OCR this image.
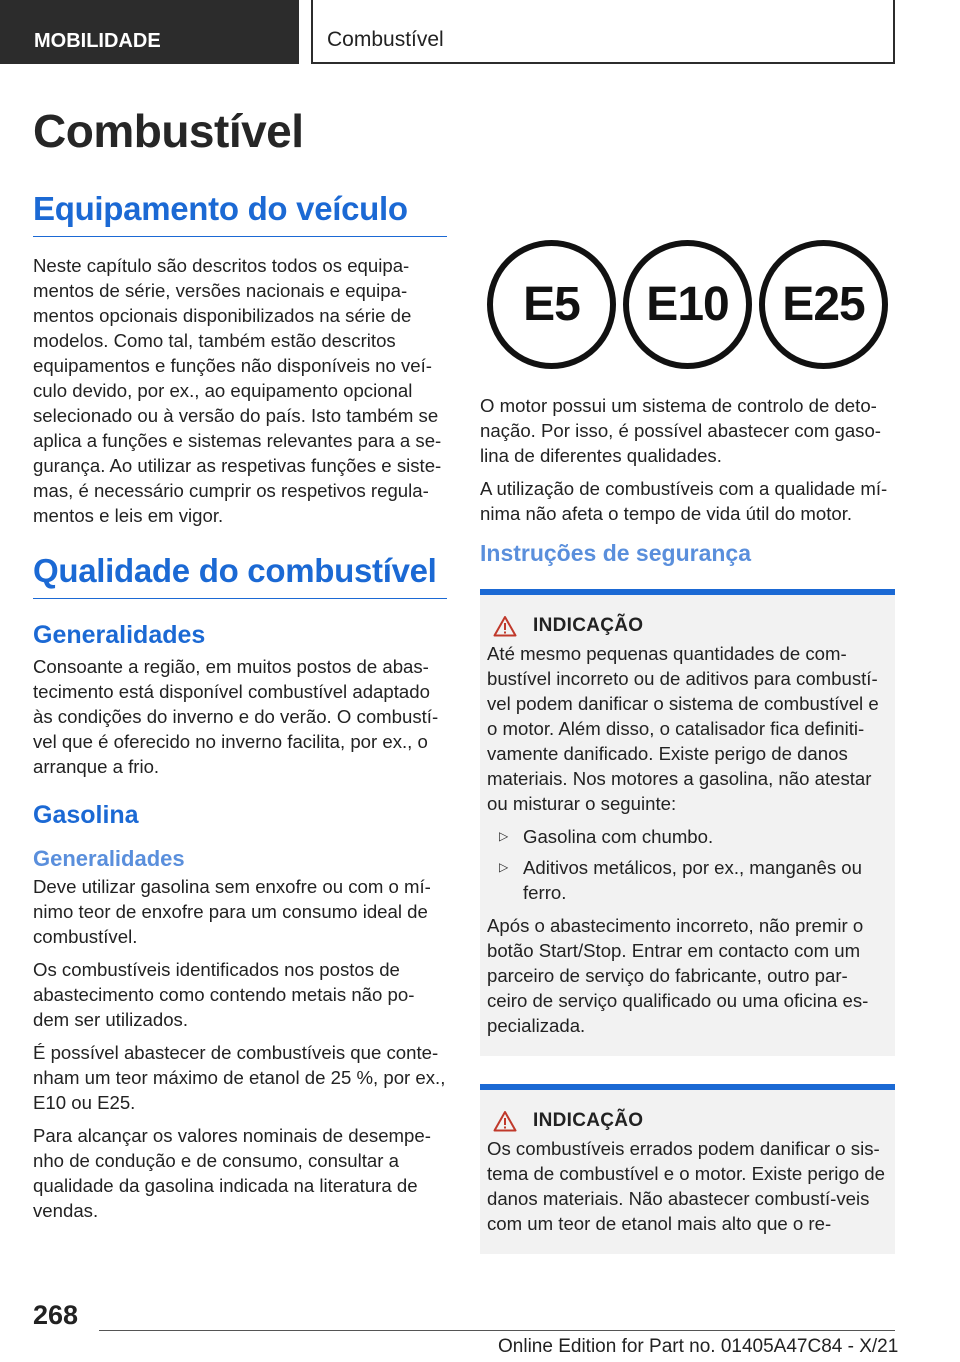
MOBILIDADE	Combustível
Combustível
Equipamento do veículo

Neste capítulo são descritos todos os equipa-mentos de série, versões nacionais e equipa-mentos opcionais disponibilizados na série de modelos. Como tal, também estão descritos equipamentos e funções não disponíveis no veí-culo devido, por ex., ao equipamento opcional selecionado ou à versão do país. Isto também se aplica a funções e sistemas relevantes para a se-gurança. Ao utilizar as respetivas funções e siste-mas, é necessário cumprir os respetivos regula-mentos e leis em vigor.

Qualidade do combustível
Generalidades

Consoante a região, em muitos postos de abas-tecimento está disponível combustível adaptado às condições do inverno e do verão. O combustí-vel que é oferecido no inverno facilita, por ex., o arranque a frio.

Gasolina
Generalidades

Deve utilizar gasolina sem enxofre ou com o mí-nimo teor de enxofre para um consumo ideal de combustível.

Os combustíveis identificados nos postos de abastecimento como contendo metais não po-dem ser utilizados.

É possível abastecer de combustíveis que conte-nham um teor máximo de etanol de 25 %, por ex., E10 ou E25.

Para alcançar os valores nominais de desempe-nho de condução e de consumo, consultar a qualidade da gasolina indicada na literatura de vendas.

E5	E10	E25

O motor possui um sistema de controlo de deto-nação. Por isso, é possível abastecer com gaso-lina de diferentes qualidades.

A utilização de combustíveis com a qualidade mí-nima não afeta o tempo de vida útil do motor.

Instruções de segurança
INDICAÇÃO

Até mesmo pequenas quantidades de com-bustível incorreto ou de aditivos para combustí-vel podem danificar o sistema de combustível e o motor. Além disso, o catalisador fica definiti-vamente danificado. Existe perigo de danos materiais. Nos motores a gasolina, não atestar ou misturar o seguinte:

▷ Gasolina com chumbo.
▷ Aditivos metálicos, por ex., manganês ou ferro.

Após o abastecimento incorreto, não premir o botão Start/Stop. Entrar em contacto com um parceiro de serviço do fabricante, outro par-ceiro de serviço qualificado ou uma oficina es-pecializada.

INDICAÇÃO

Os combustíveis errados podem danificar o sis-tema de combustível e o motor. Existe perigo de danos materiais. Não abastecer combustí-veis com um teor de etanol mais alto que o re-

268
Online Edition for Part no. 01405A47C84 - X/21
